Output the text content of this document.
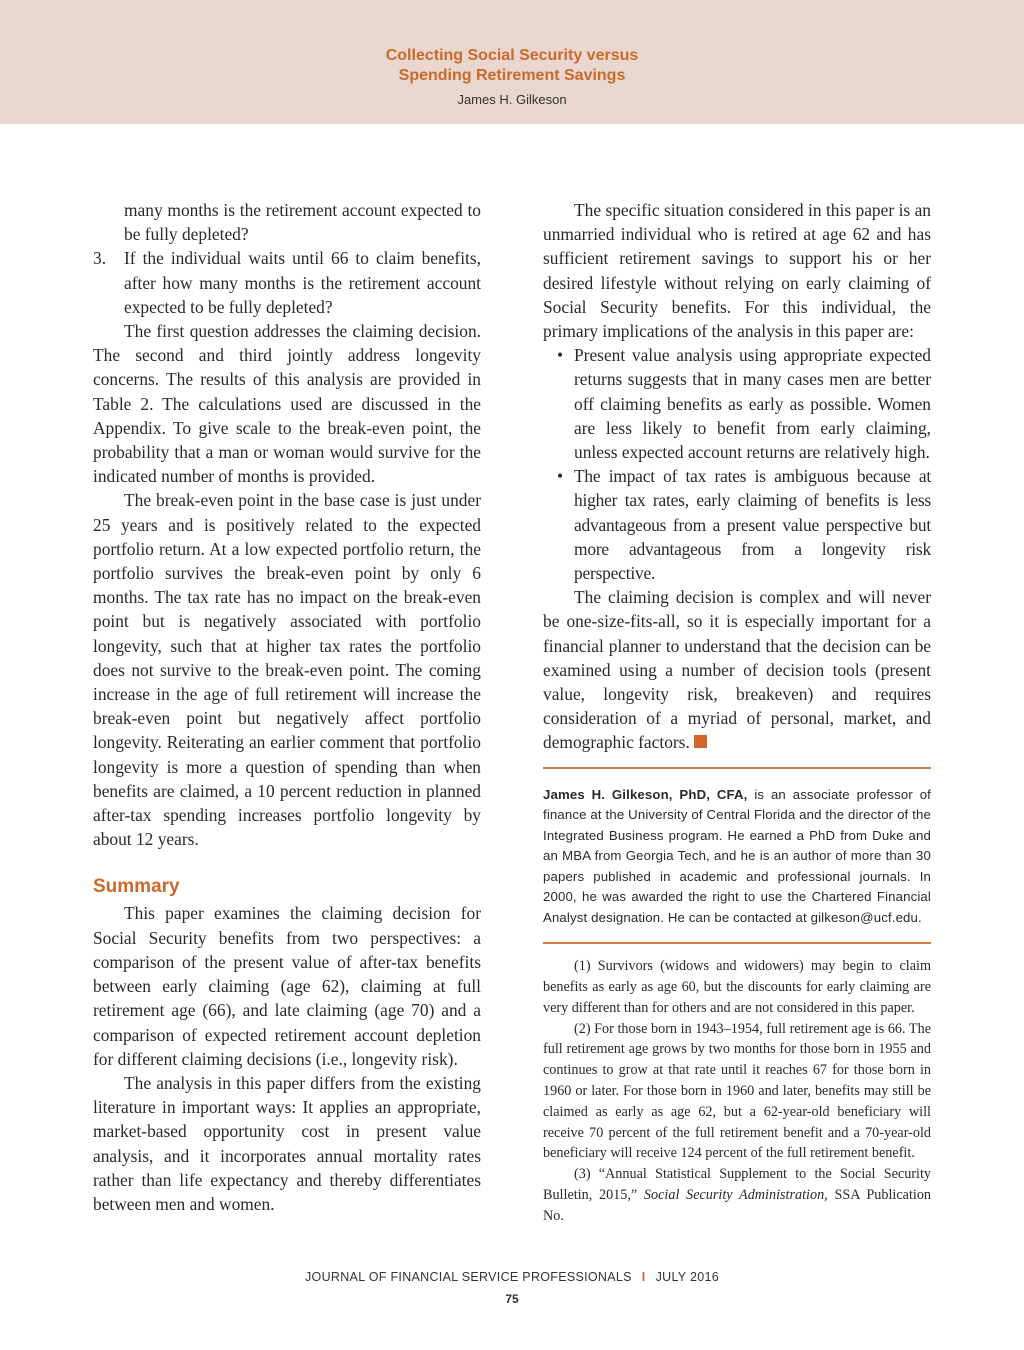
Collecting Social Security versus
Spending Retirement Savings
James H. Gilkeson

many months is the retirement account expected to be fully depleted?

3. If the individual waits until 66 to claim benefits, after how many months is the retirement account expected to be fully depleted?

The first question addresses the claiming decision. The second and third jointly address longevity concerns. The results of this analysis are provided in Table 2. The calculations used are discussed in the Appendix. To give scale to the break-even point, the probability that a man or woman would survive for the indicated number of months is provided.

The break-even point in the base case is just under 25 years and is positively related to the expected portfolio return. At a low expected portfolio return, the portfolio survives the break-even point by only 6 months. The tax rate has no impact on the break-even point but is negatively associated with portfolio longevity, such that at higher tax rates the portfolio does not survive to the break-even point. The coming increase in the age of full retirement will increase the break-even point but negatively affect portfolio longevity. Reiterating an earlier comment that portfolio longevity is more a question of spending than when benefits are claimed, a 10 percent reduction in planned after-tax spending increases portfolio longevity by about 12 years.

Summary

This paper examines the claiming decision for Social Security benefits from two perspectives: a comparison of the present value of after-tax benefits between early claiming (age 62), claiming at full retirement age (66), and late claiming (age 70) and a comparison of expected retirement account depletion for different claiming decisions (i.e., longevity risk).

The analysis in this paper differs from the existing literature in important ways: It applies an appropriate, market-based opportunity cost in present value analysis, and it incorporates annual mortality rates rather than life expectancy and thereby differentiates between men and women.

The specific situation considered in this paper is an unmarried individual who is retired at age 62 and has sufficient retirement savings to support his or her desired lifestyle without relying on early claiming of Social Security benefits. For this individual, the primary implications of the analysis in this paper are:

• Present value analysis using appropriate expected returns suggests that in many cases men are better off claiming benefits as early as possible. Women are less likely to benefit from early claiming, unless expected account returns are relatively high.

• The impact of tax rates is ambiguous because at higher tax rates, early claiming of benefits is less advantageous from a present value perspective but more advantageous from a longevity risk perspective.

The claiming decision is complex and will never be one-size-fits-all, so it is especially important for a financial planner to understand that the decision can be examined using a number of decision tools (present value, longevity risk, breakeven) and requires consideration of a myriad of personal, market, and demographic factors.

James H. Gilkeson, PhD, CFA, is an associate professor of finance at the University of Central Florida and the director of the Integrated Business program. He earned a PhD from Duke and an MBA from Georgia Tech, and he is an author of more than 30 papers published in academic and professional journals. In 2000, he was awarded the right to use the Chartered Financial Analyst designation. He can be contacted at gilkeson@ucf.edu.

(1) Survivors (widows and widowers) may begin to claim benefits as early as age 60, but the discounts for early claiming are very different than for others and are not considered in this paper.

(2) For those born in 1943–1954, full retirement age is 66. The full retirement age grows by two months for those born in 1955 and continues to grow at that rate until it reaches 67 for those born in 1960 or later. For those born in 1960 and later, benefits may still be claimed as early as age 62, but a 62-year-old beneficiary will receive 70 percent of the full retirement benefit and a 70-year-old beneficiary will receive 124 percent of the full retirement benefit.

(3) “Annual Statistical Supplement to the Social Security Bulletin, 2015,” Social Security Administration, SSA Publication No.

JOURNAL OF FINANCIAL SERVICE PROFESSIONALS I JULY 2016
75
